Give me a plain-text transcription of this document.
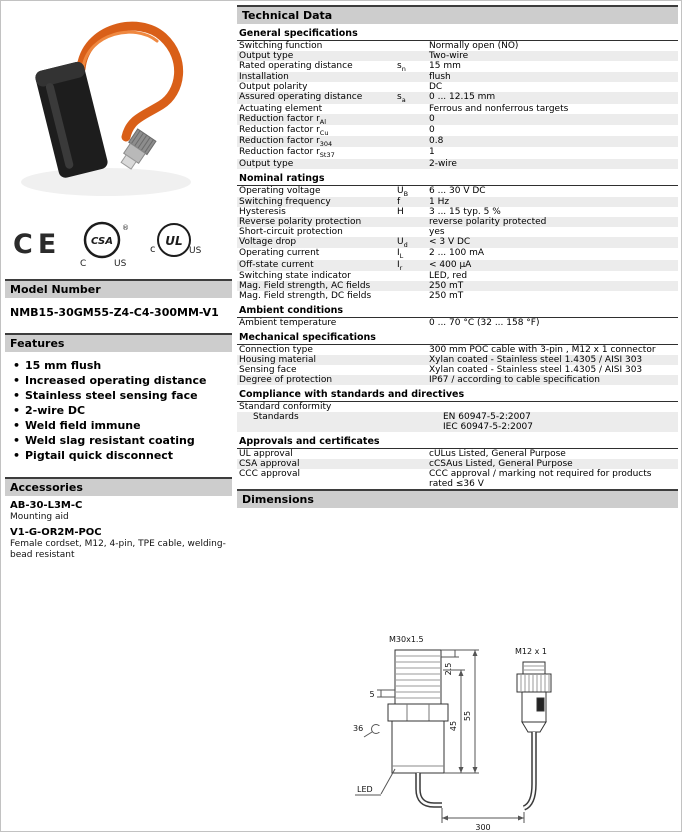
CE	CSA
®
C	US
c
UL
US
Model Number
NMB15-30GM55-Z4-C4-300MM-V1
Features
• 15 mm flush
• Increased operating distance
• Stainless steel sensing face
• 2-wire DC
• Weld field immune
• Weld slag resistant coating
• Pigtail quick disconnect
Accessories
AB-30-L3M-C
Mounting aid
V1-G-OR2M-POC
Female cordset, M12, 4-pin, TPE cable, welding-bead resistant
Technical Data
General specifications
Switching function	Normally open (NO)
Output type	Two-wire
Rated operating distance	$s_n$	15 mm
Installation	flush
Output polarity	DC
Assured operating distance	$s_a$	0 ... 12.15 mm
Actuating element	Ferrous and nonferrous targets
Reduction factor $r_{Al}$	0
Reduction factor $r_{Cu}$	0
Reduction factor $r_{304}$	0.8
Reduction factor $r_{St37}$	1
Output type	2-wire
Nominal ratings
Operating voltage	$U_B$	6 ... 30 V DC
Switching frequency	f	1 Hz
Hysteresis	H	3 ... 15 typ. 5 %
Reverse polarity protection	reverse polarity protected
Short-circuit protection	yes
Voltage drop	$U_d$	< 3 V DC
Operating current	$I_L$	2 ... 100 mA
Off-state current	$I_r$	< 400 μA
Switching state indicator	LED, red
Mag. Field strength, AC fields	250 mT
Mag. Field strength, DC fields	250 mT
Ambient conditions
Ambient temperature	0 ... 70 °C (32 ... 158 °F)
Mechanical specifications
Connection type	300 mm POC cable with 3-pin , M12 x 1 connector
Housing material	Xylan coated - Stainless steel 1.4305 / AISI 303
Sensing face	Xylan coated - Stainless steel 1.4305 / AISI 303
Degree of protection	IP67 / according to cable specification
Compliance with standards and directives
Standard conformity
Standards	EN 60947-5-2:2007
IEC 60947-5-2:2007
Approvals and certificates
UL approval	cULus Listed, General Purpose
CSA approval	cCSAus Listed, General Purpose
CCC approval	CCC approval / marking not required for products rated ≤36 V
Dimensions
M30x1.5
M12 x 1
2.5
5
45
55
36
LED
300
